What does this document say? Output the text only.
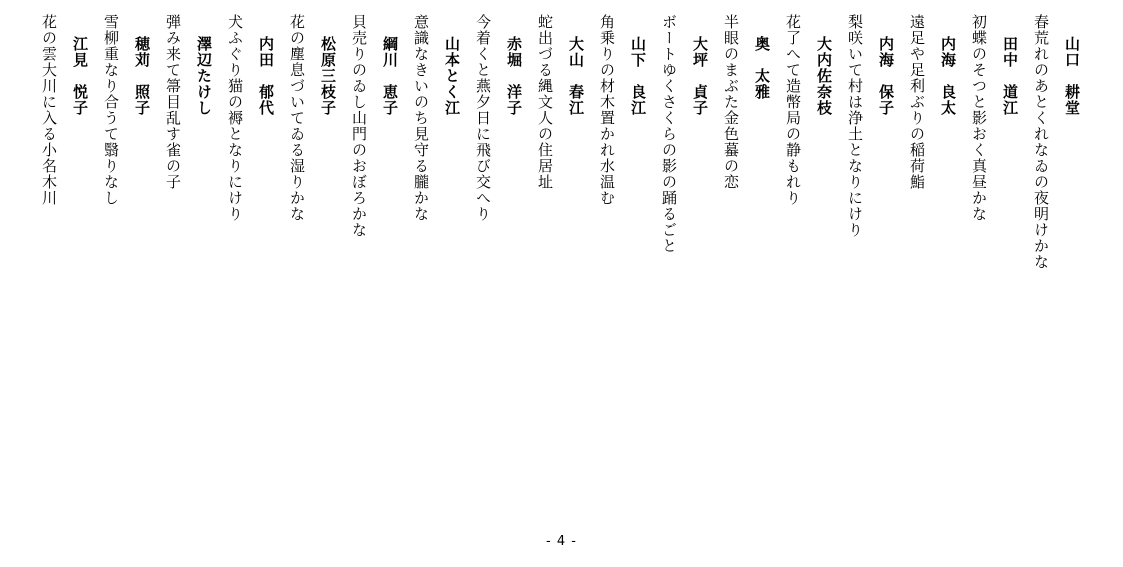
山口　耕堂
春荒れのあとくれなゐの夜明けかな
田中　道江
初蝶のそつと影おく真昼かな
内海　良太
遠足や足利ぶりの稲荷鮨
内海　保子
梨咲いて村は浄土となりにけり
大内佐奈枝
花了へて造幣局の静もれり
奥　太雅
半眼のまぶた金色蟇の恋
大坪　貞子
ボートゆくさくらの影の踊るごと
山下　良江
角乗りの材木置かれ水温む
大山　春江
蛇出づる縄文人の住居址
赤堀　洋子
今着くと燕夕日に飛び交へり
山本とく江
意識なきいのち見守る朧かな
綱川　恵子
貝売りのゐし山門のおぼろかな
松原三枝子
花の塵息づいてゐる湿りかな
内田　郁代
犬ふぐり猫の褥となりにけり
澤辺たけし
弾み来て箒目乱す雀の子
穂苅　照子
雪柳重なり合うて翳りなし
江見　悦子
花の雲大川に入る小名木川
- 4 -
